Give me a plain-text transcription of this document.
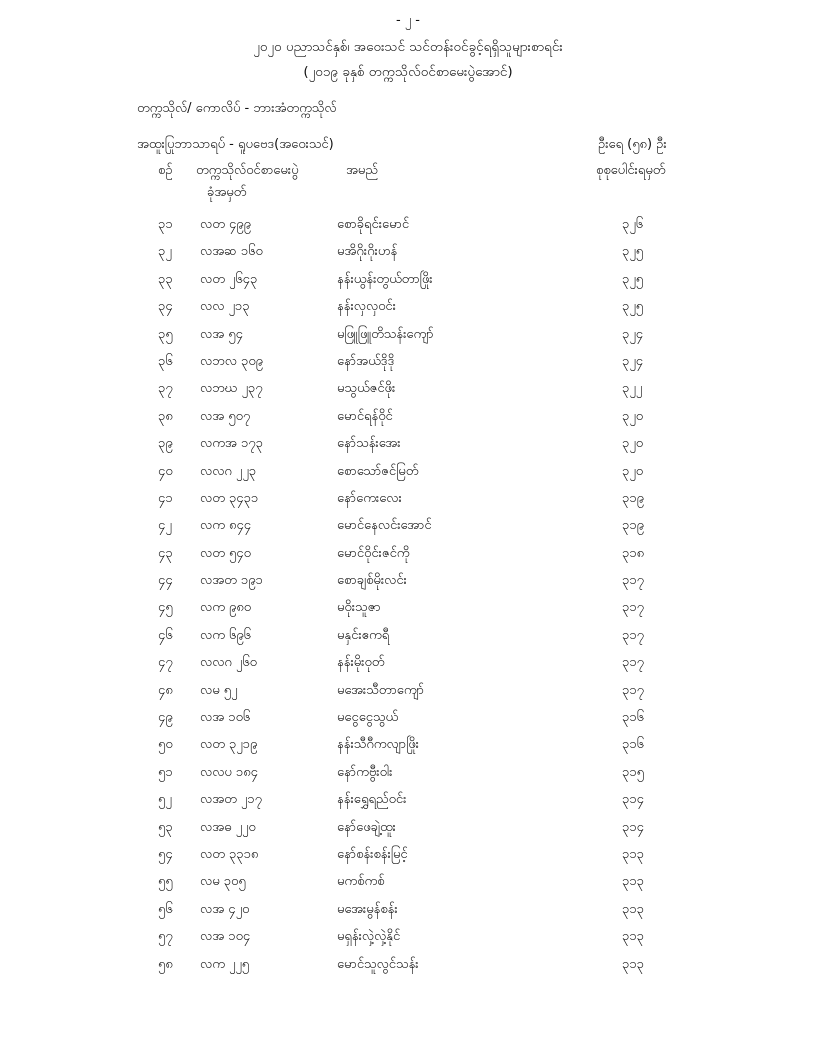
- ၂ -
၂၀၂၀ ပညာသင်နှစ်၊ အဝေးသင် သင်တန်းဝင်ခွင့်ရရှိသူများစာရင်း
(၂၀၁၉ ခုနှစ် တက္ကသိုလ်ဝင်စာမေးပွဲအောင်)
တက္ကသိုလ်/ ကောလိပ် - ဘားအံတက္ကသိုလ်
အထူးပြုဘာသာရပ် - ရူပဗေဒ(အဝေးသင်)	ဦးရေ (၅၈) ဦး
စဉ် တက္ကသိုလ်ဝင်စာမေးပွဲ
ခုံအမှတ်
အမည်	စုစုပေါင်းရမှတ်
၃၁ လတ ၄၉၉	စောခိုရင်းမောင်	၃၂၆
၃၂ လအဆ ၁၆၀	မအိဂိုးဂိုးဟန်	၃၂၅
၃၃ လတ ၂၆၄၃	နန်းယွန်းတွယ်တာဖြိုး	၃၂၅
၃၄ လလ ၂၁၃	နန်းလှလှဝင်း	၃၂၅
၃၅ လအ ၅၄	မဖြူဖြူတိသန်းကျော်	၃၂၄
၃၆ လဘလ ၃၀၉	နော်အယ်ဒိုဒို	၃၂၄
၃၇ လဘဃ ၂၃၇	မသွယ်ဇင်ဖိုး	၃၂၂
၃၈ လအ ၅၀၇	မောင်ရန်ဝိုင်	၃၂၀
၃၉ လကအ ၁၇၃	နော်သန်းအေး	၃၂၀
၄၀ လလဂ ၂၂၃	စောသော်ဇင်မြတ်	၃၂၀
၄၁ လတ ၃၄၃၁	နော်ကေးလေး	၃၁၉
၄၂ လက ၈၄၄	မောင်နေလင်းအောင်	၃၁၉
၄၃ လတ ၅၄၀	မောင်ဝိုင်းဇင်ကို	၃၁၈
၄၄ လအတ ၁၉၁	စောချစ်မိုးလင်း	၃၁၇
၄၅ လက ၉၈၀	မဝိုးသူဇာ	၃၁၇
၄၆ လက ၆၉၆	မနှင်းဧကရီ	၃၁၇
၄၇ လလဂ ၂၆၀	နန်းမိုးဝုတ်	၃၁၇
၄၈ လမ ၅၂	မအေးသီတာကျော်	၃၁၇
၄၉ လအ ၁၀၆	မငွေငွေသွယ်	၃၁၆
၅၀ လတ ၃၂၁၉	နန်းသီဂီကလျာဖြိုး	၃၁၆
၅၁ လလပ ၁၈၄	နော်ကဗွီးဝါး	၃၁၅
၅၂ လအတ ၂၁၇	နန်းရွှေရည်ဝင်း	၃၁၄
၅၃ လအဓ ၂၂၀	နော်ဖေချဲ့ထူး	၃၁၄
၅၄ လတ ၃၃၁၈	နော်စန်းစန်းမြင့်	၃၁၃
၅၅ လမ ၃၀၅	မကစ်ကစ်	၃၁၃
၅၆ လအ ၄၂၀	မအေးမွန်စန်း	၃၁၃
၅၇ လအ ၁၀၄	မရှန်းလှဲ့လှဲ့နိုင်	၃၁၃
၅၈ လက ၂၂၅	မောင်သူလွင်သန်း	၃၁၃
